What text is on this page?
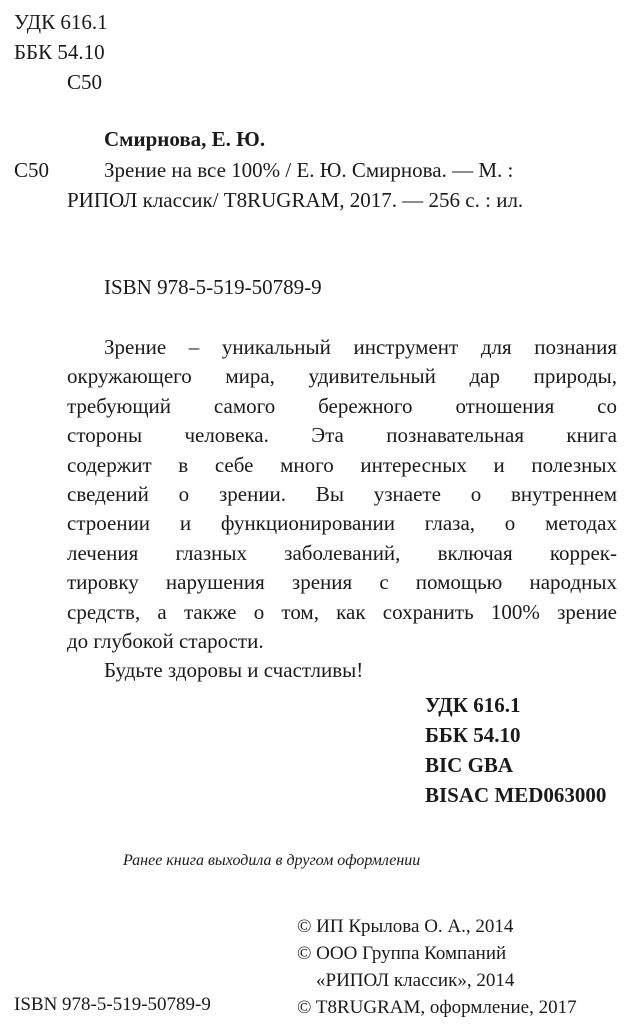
УДК 616.1
ББК 54.10
С50
Смирнова, Е. Ю.
С50	Зрение на все 100% / Е. Ю. Смирнова. — М. :
РИПОЛ классик/ T8RUGRAM, 2017. — 256 с. : ил.
ISBN 978-5-519-50789-9
Зрение – уникальный инструмент для познания
окружающего мира, удивительный дар природы,
требующий самого бережного отношения со
стороны человека. Эта познавательная книга
содержит в себе много интересных и полезных
сведений о зрении. Вы узнаете о внутреннем
строении и функционировании глаза, о методах
лечения глазных заболеваний, включая коррек-
тировку нарушения зрения с помощью народных
средств, а также о том, как сохранить 100% зрение
до глубокой старости.
Будьте здоровы и счастливы!
УДК 616.1
ББК 54.10
BIC GBA
BISAC MED063000
Ранее книга выходила в другом оформлении
© ИП Крылова О. А., 2014
© ООО Группа Компаний
«РИПОЛ классик», 2014
© T8RUGRAM, оформление, 2017
ISBN 978-5-519-50789-9
